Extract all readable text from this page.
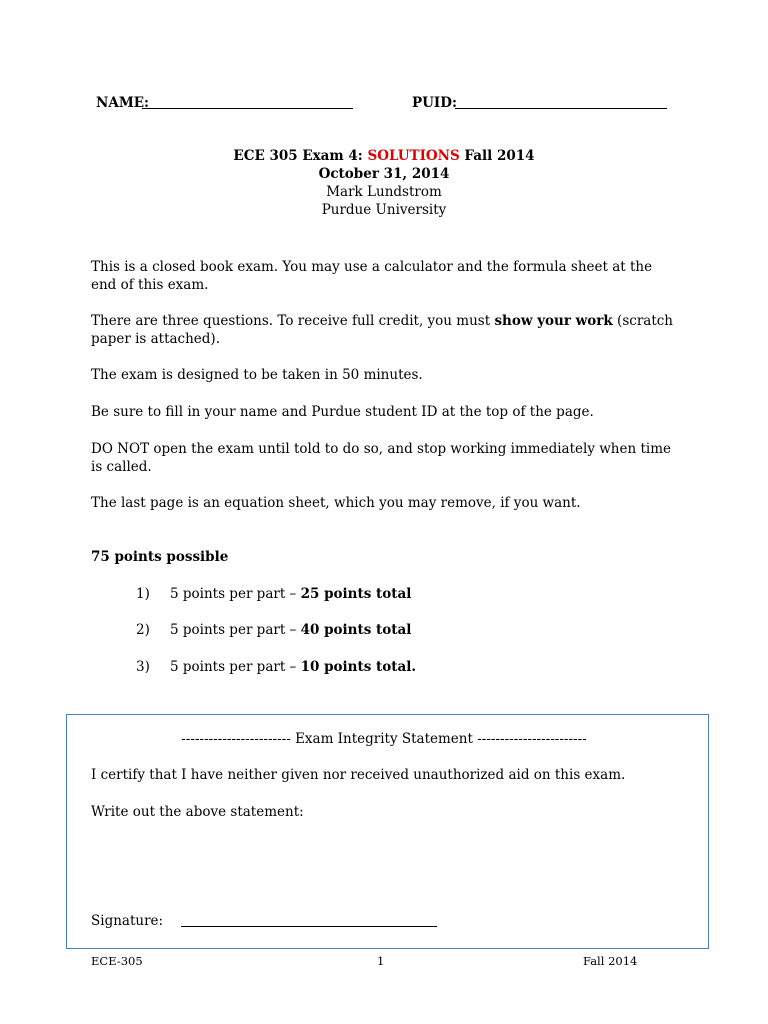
NAME:	PUID:
ECE 305 Exam 4: SOLUTIONS Fall 2014
October 31, 2014
Mark Lundstrom
Purdue University
This is a closed book exam. You may use a calculator and the formula sheet at the end of this exam.
There are three questions. To receive full credit, you must show your work (scratch paper is attached).
The exam is designed to be taken in 50 minutes.
Be sure to fill in your name and Purdue student ID at the top of the page.
DO NOT open the exam until told to do so, and stop working immediately when time is called.
The last page is an equation sheet, which you may remove, if you want.
75 points possible
1) 5 points per part – 25 points total
2) 5 points per part – 40 points total
3) 5 points per part – 10 points total.
------------------------ Exam Integrity Statement ------------------------
I certify that I have neither given nor received unauthorized aid on this exam.
Write out the above statement:
Signature:
ECE-305	1	Fall 2014
